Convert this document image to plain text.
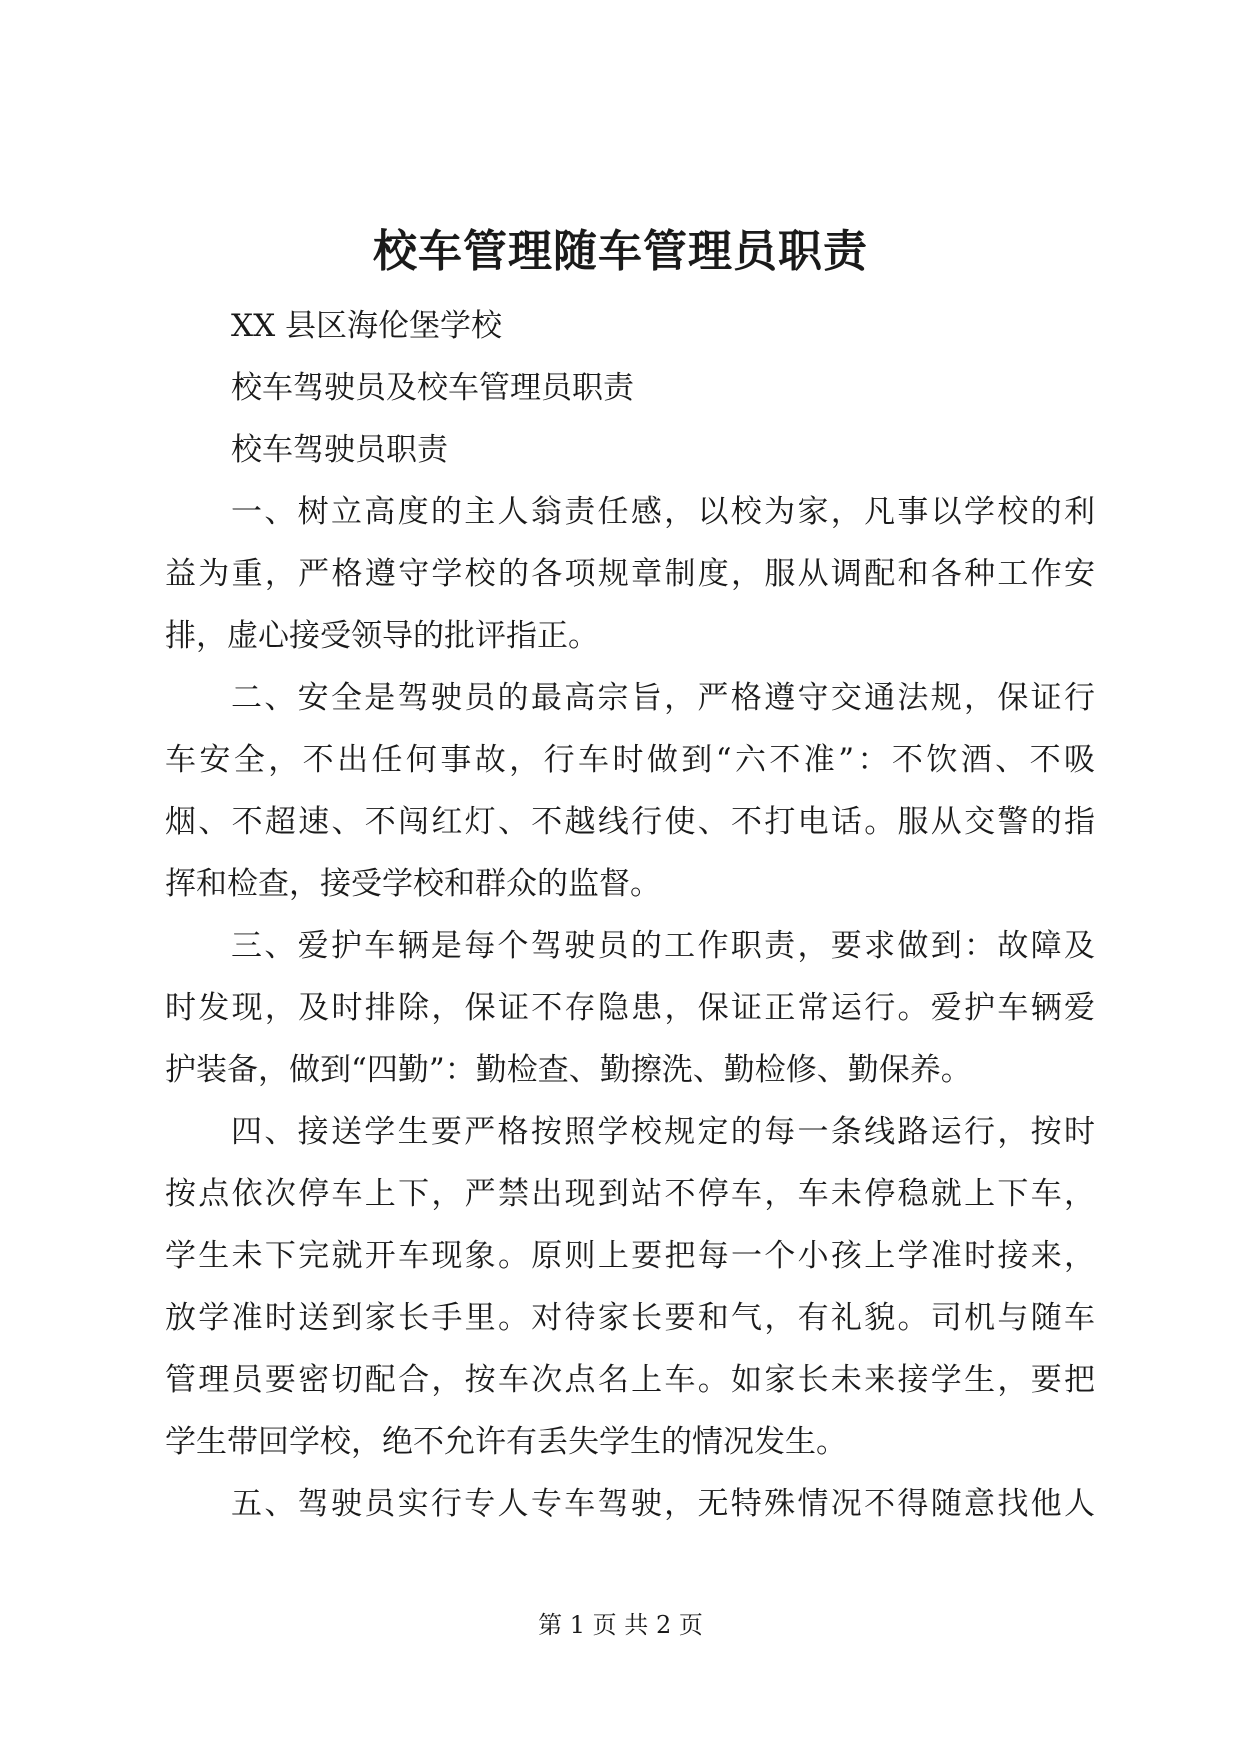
校车管理随车管理员职责

XX 县区海伦堡学校

校车驾驶员及校车管理员职责

校车驾驶员职责

一、树立高度的主人翁责任感，以校为家，凡事以学校的利

益为重，严格遵守学校的各项规章制度，服从调配和各种工作安

排，虚心接受领导的批评指正。

二、安全是驾驶员的最高宗旨，严格遵守交通法规，保证行

车安全，不出任何事故，行车时做到“六不准”：不饮酒、不吸

烟、不超速、不闯红灯、不越线行使、不打电话。服从交警的指

挥和检查，接受学校和群众的监督。

三、爱护车辆是每个驾驶员的工作职责，要求做到：故障及

时发现，及时排除，保证不存隐患，保证正常运行。爱护车辆爱

护装备，做到“四勤”：勤检查、勤擦洗、勤检修、勤保养。

四、接送学生要严格按照学校规定的每一条线路运行，按时

按点依次停车上下，严禁出现到站不停车，车未停稳就上下车，

学生未下完就开车现象。原则上要把每一个小孩上学准时接来，

放学准时送到家长手里。对待家长要和气，有礼貌。司机与随车

管理员要密切配合，按车次点名上车。如家长未来接学生，要把

学生带回学校，绝不允许有丢失学生的情况发生。

五、驾驶员实行专人专车驾驶，无特殊情况不得随意找他人

第 1 页 共 2 页
